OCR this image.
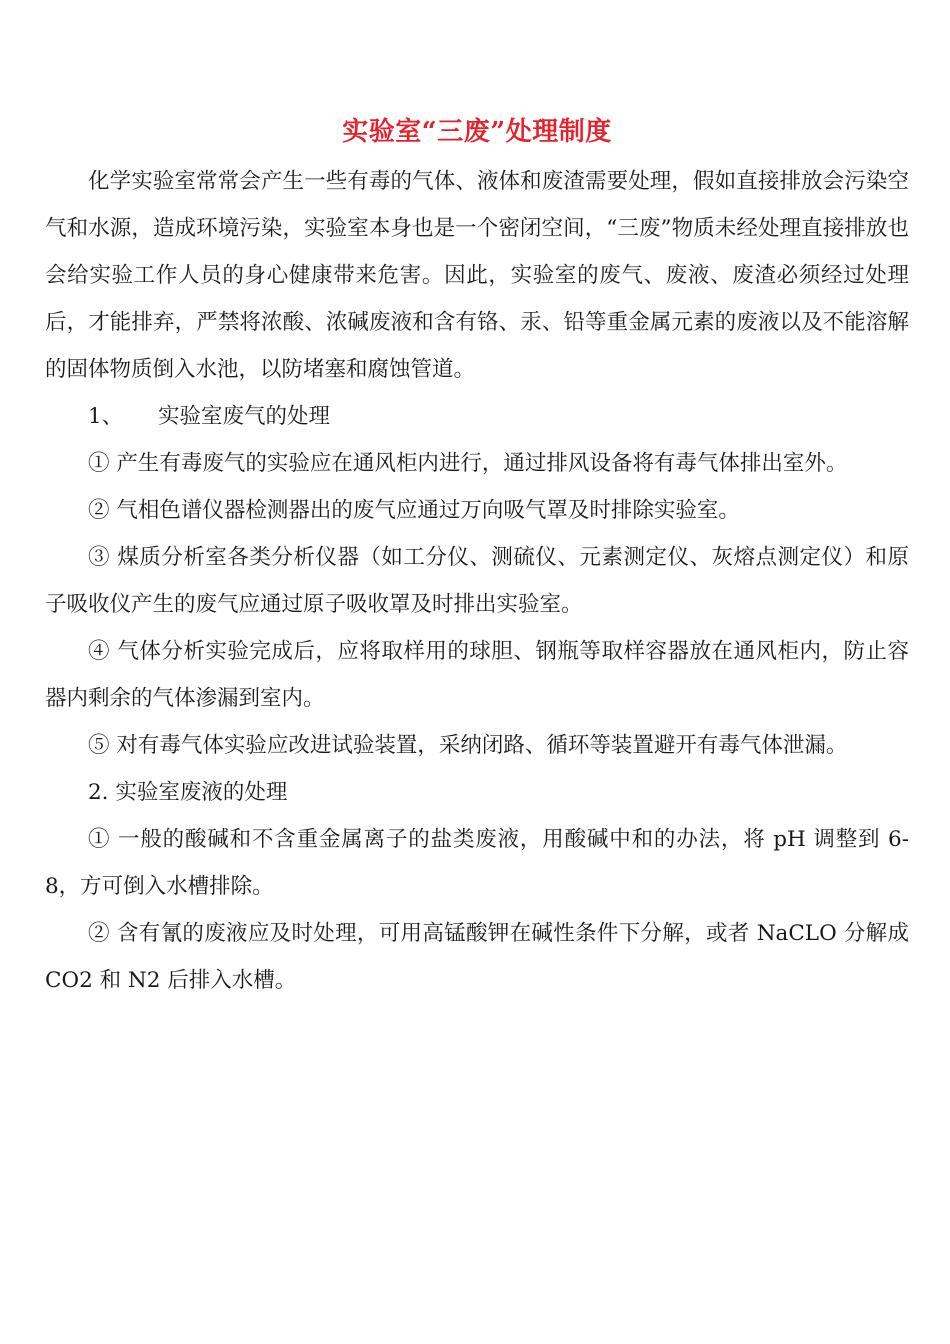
实验室“三废”处理制度

化学实验室常常会产生一些有毒的气体、液体和废渣需要处理，假如直接排放会污染空气和水源，造成环境污染，实验室本身也是一个密闭空间，“三废”物质未经处理直接排放也会给实验工作人员的身心健康带来危害。因此，实验室的废气、废液、废渣必须经过处理后，才能排弃，严禁将浓酸、浓碱废液和含有铬、汞、铅等重金属元素的废液以及不能溶解的固体物质倒入水池，以防堵塞和腐蚀管道。

1、 实验室废气的处理

① 产生有毒废气的实验应在通风柜内进行，通过排风设备将有毒气体排出室外。

② 气相色谱仪器检测器出的废气应通过万向吸气罩及时排除实验室。

③ 煤质分析室各类分析仪器（如工分仪、测硫仪、元素测定仪、灰熔点测定仪）和原子吸收仪产生的废气应通过原子吸收罩及时排出实验室。

④ 气体分析实验完成后，应将取样用的球胆、钢瓶等取样容器放在通风柜内，防止容器内剩余的气体渗漏到室内。

⑤ 对有毒气体实验应改进试验装置，采纳闭路、循环等装置避开有毒气体泄漏。

2. 实验室废液的处理

① 一般的酸碱和不含重金属离子的盐类废液，用酸碱中和的办法，将 pH 调整到 6-8，方可倒入水槽排除。

② 含有氰的废液应及时处理，可用高锰酸钾在碱性条件下分解，或者 NaCLO 分解成 CO2 和 N2 后排入水槽。
